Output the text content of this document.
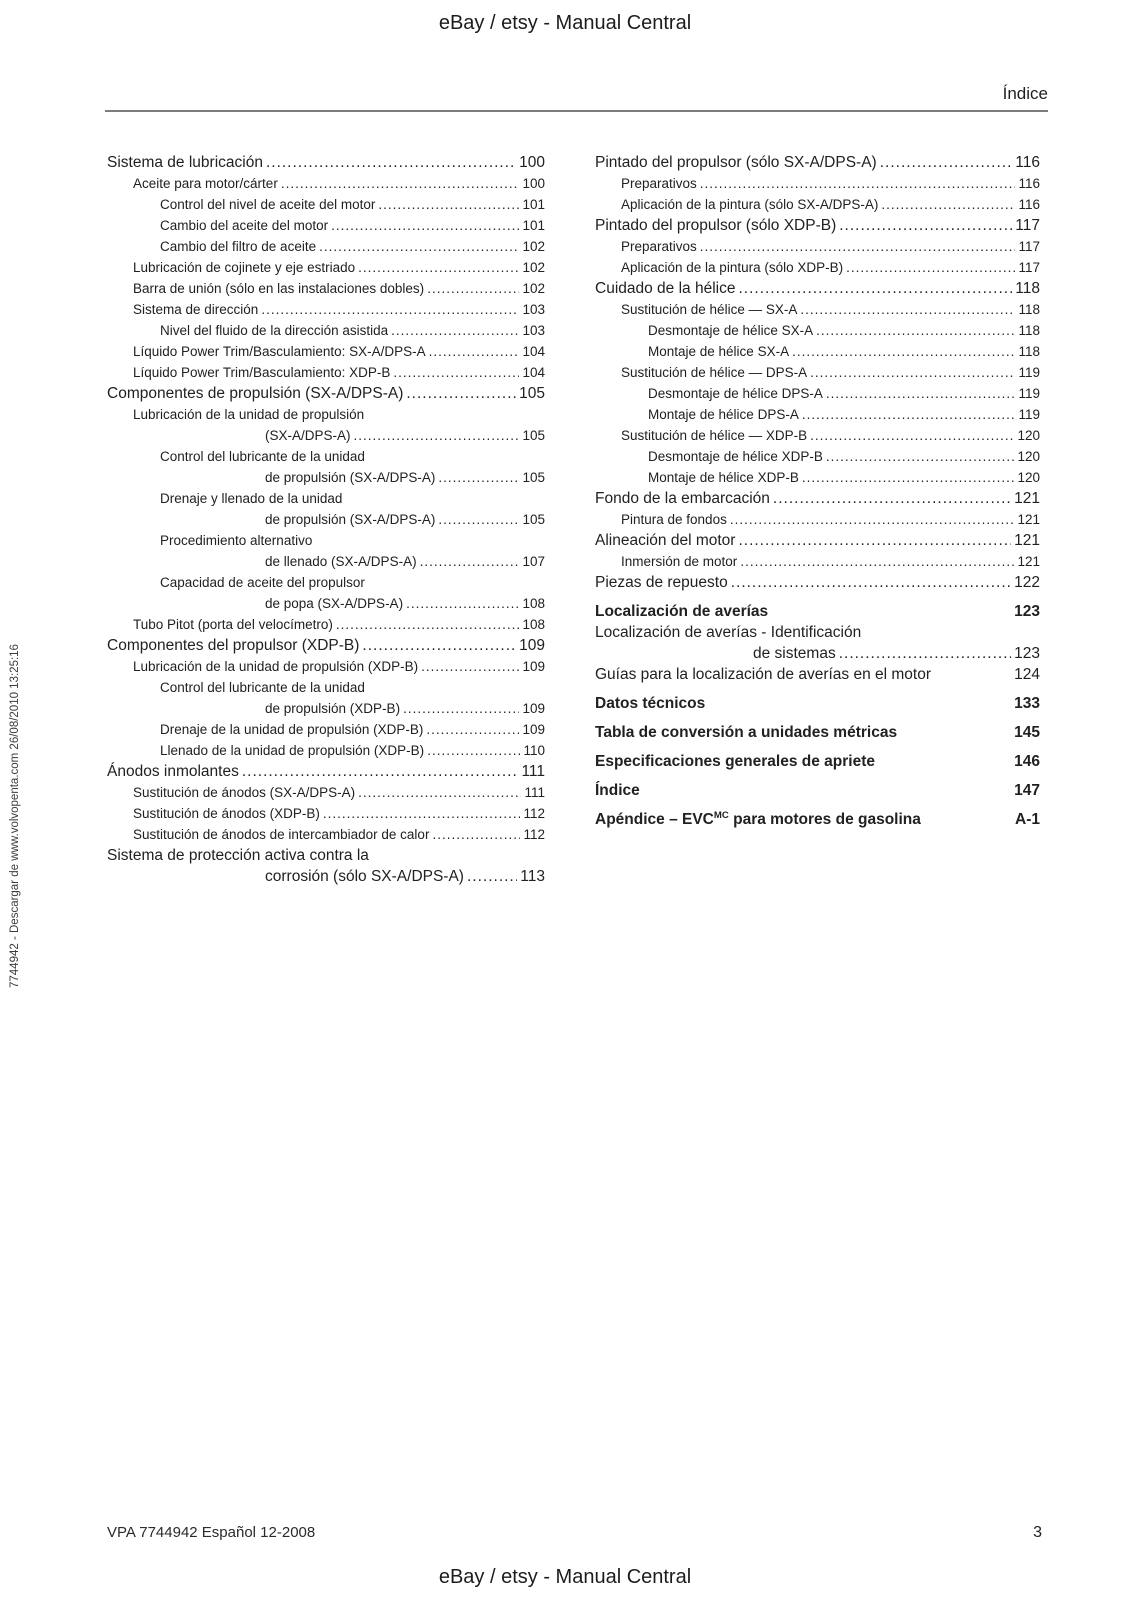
eBay / etsy - Manual Central
Índice
Sistema de lubricación .....	100
Aceite para motor/cárter .....	100
Control del nivel de aceite del motor .....	101
Cambio del aceite del motor .....	101
Cambio del filtro de aceite .....	102
Lubricación de cojinete y eje estriado .....	102
Barra de unión (sólo en las instalaciones dobles) .....	102
Sistema de dirección .....	103
Nivel del fluido de la dirección asistida .....	103
Líquido Power Trim/Basculamiento: SX-A/DPS-A .....	104
Líquido Power Trim/Basculamiento: XDP-B .....	104
Componentes de propulsión (SX-A/DPS-A) .....	105
Lubricación de la unidad de propulsión
(SX-A/DPS-A) .....	105
Control del lubricante de la unidad
de propulsión (SX-A/DPS-A) .....	105
Drenaje y llenado de la unidad
de propulsión (SX-A/DPS-A) .....	105
Procedimiento alternativo
de llenado (SX-A/DPS-A) .....	107
Capacidad de aceite del propulsor
de popa (SX-A/DPS-A) .....	108
Tubo Pitot (porta del velocímetro) .....	108
Componentes del propulsor (XDP-B) .....	109
Lubricación de la unidad de propulsión (XDP-B) .....	109
Control del lubricante de la unidad
de propulsión (XDP-B) .....	109
Drenaje de la unidad de propulsión (XDP-B) .....	109
Llenado de la unidad de propulsión (XDP-B) .....	110
Ánodos inmolantes .....	111
Sustitución de ánodos (SX-A/DPS-A) .....	111
Sustitución de ánodos (XDP-B) .....	112
Sustitución de ánodos de intercambiador de calor .....	112
Sistema de protección activa contra la
corrosión (sólo SX-A/DPS-A) .....	113
Pintado del propulsor (sólo SX-A/DPS-A) .....	116
Preparativos .....	116
Aplicación de la pintura (sólo SX-A/DPS-A) .....	116
Pintado del propulsor (sólo XDP-B) .....	117
Preparativos .....	117
Aplicación de la pintura (sólo XDP-B) .....	117
Cuidado de la hélice .....	118
Sustitución de hélice — SX-A .....	118
Desmontaje de hélice SX-A .....	118
Montaje de hélice SX-A .....	118
Sustitución de hélice — DPS-A .....	119
Desmontaje de hélice DPS-A .....	119
Montaje de hélice DPS-A .....	119
Sustitución de hélice — XDP-B .....	120
Desmontaje de hélice XDP-B .....	120
Montaje de hélice XDP-B .....	120
Fondo de la embarcación .....	121
Pintura de fondos .....	121
Alineación del motor .....	121
Inmersión de motor .....	121
Piezas de repuesto .....	122
Localización de averías	123
Localización de averías - Identificación
de sistemas .....	123
Guías para la localización de averías en el motor	124
Datos técnicos	133
Tabla de conversión a unidades métricas	145
Especificaciones generales de apriete	146
Índice	147
Apéndice – $EVC^{MC}$ para motores de gasolina	A-1
7744942 - Descargar de www.volvopenta.com 26/08/2010 13:25:16
VPA 7744942 Español 12-2008	3
eBay / etsy - Manual Central
